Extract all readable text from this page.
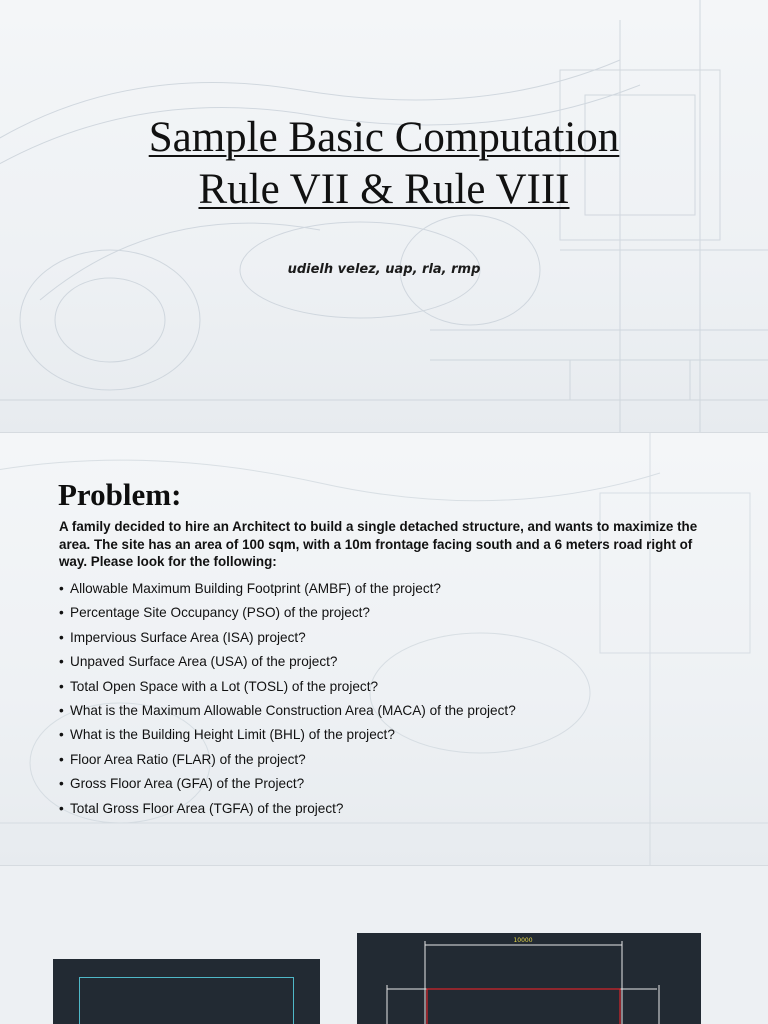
Sample Basic Computation
Rule VII & Rule VIII
udielh velez, uap, rla, rmp
Problem:

A family decided to hire an Architect to build a single detached structure, and wants to maximize the area. The site has an area of 100 sqm, with a 10m frontage facing south and a 6 meters road right of way. Please look for the following:

• Allowable Maximum Building Footprint (AMBF) of the project?
• Percentage Site Occupancy (PSO) of the project?
• Impervious Surface Area (ISA) project?
• Unpaved Surface Area (USA) of the project?
• Total Open Space with a Lot (TOSL) of the project?
• What is the Maximum Allowable Construction Area (MACA) of the project?
• What is the Building Height Limit (BHL) of the project?
• Floor Area Ratio (FLAR) of the project?
• Gross Floor Area (GFA) of the Project?
• Total Gross Floor Area (TGFA) of the project?
10000
